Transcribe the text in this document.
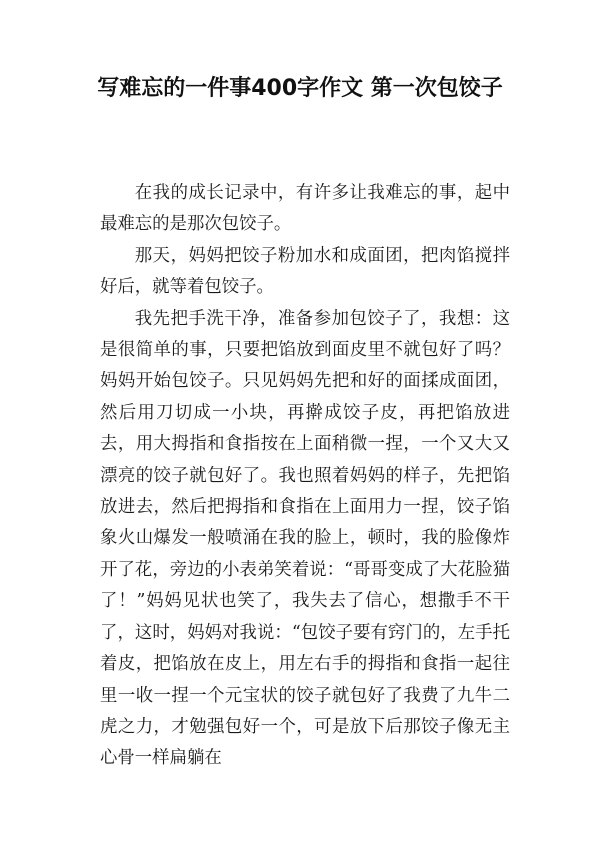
写难忘的一件事400字作文 第一次包饺子

在我的成长记录中，有许多让我难忘的事，起中最难忘的是那次包饺子。

那天，妈妈把饺子粉加水和成面团，把肉馅搅拌好后，就等着包饺子。

我先把手洗干净，准备参加包饺子了，我想：这是很简单的事，只要把馅放到面皮里不就包好了吗？妈妈开始包饺子。只见妈妈先把和好的面揉成面团，然后用刀切成一小块，再擀成饺子皮，再把馅放进去，用大拇指和食指按在上面稍微一捏，一个又大又漂亮的饺子就包好了。我也照着妈妈的样子，先把馅放进去，然后把拇指和食指在上面用力一捏，饺子馅象火山爆发一般喷涌在我的脸上，顿时，我的脸像炸开了花，旁边的小表弟笑着说：“哥哥变成了大花脸猫了！”妈妈见状也笑了，我失去了信心，想撒手不干了，这时，妈妈对我说：“包饺子要有窍门的，左手托着皮，把馅放在皮上，用左右手的拇指和食指一起往里一收一捏一个元宝状的饺子就包好了我费了九牛二虎之力，才勉强包好一个，可是放下后那饺子像无主心骨一样扁躺在
